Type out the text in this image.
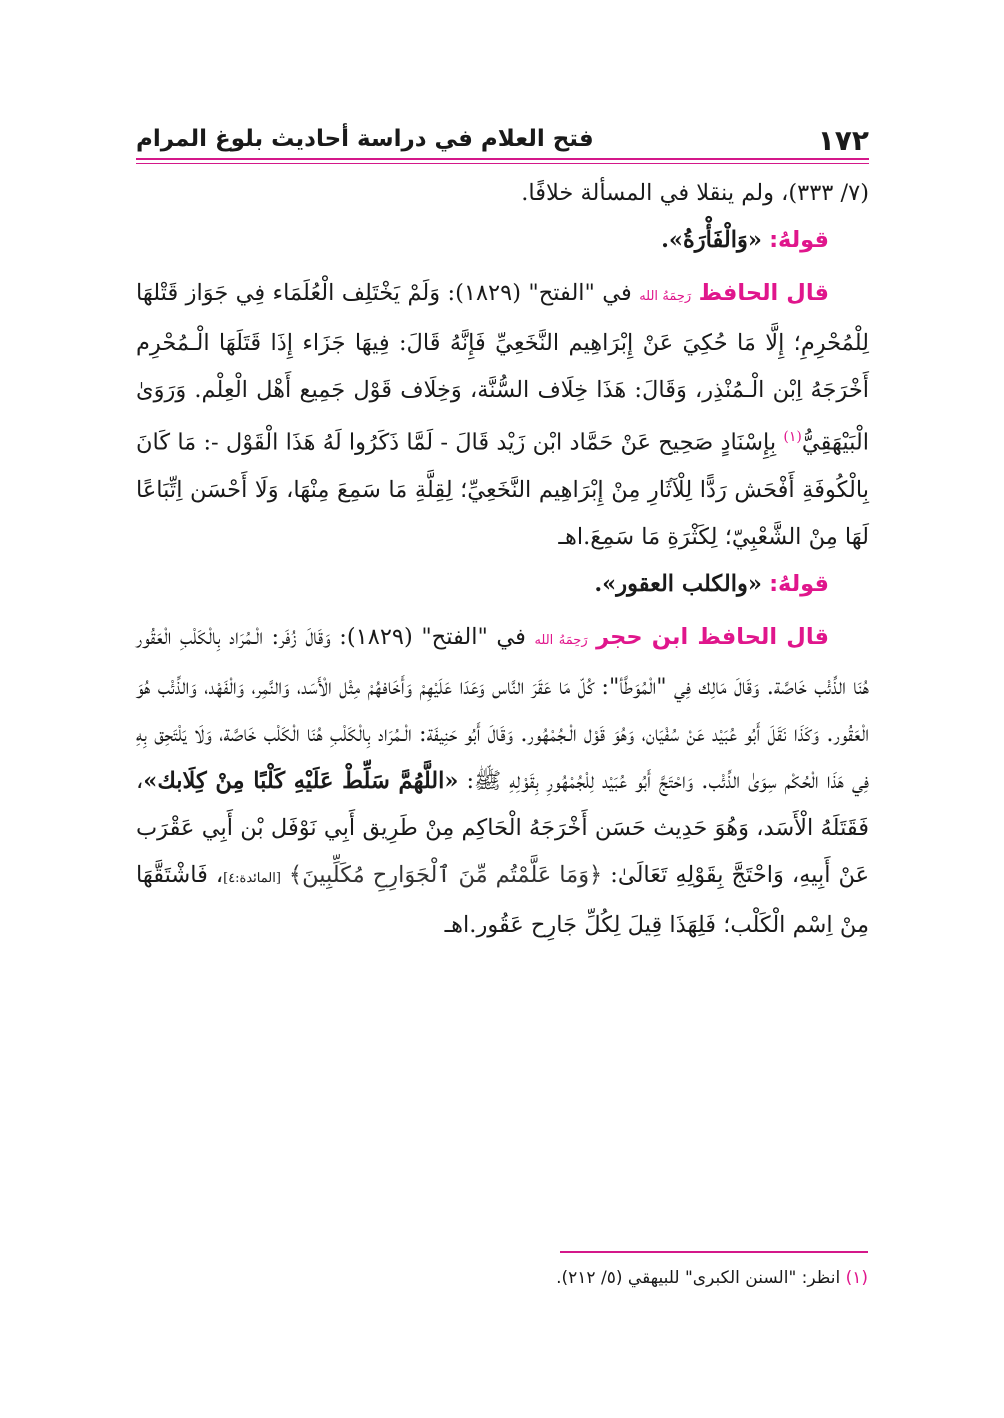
١٧٢
فتح العلام في دراسة أحاديث بلوغ المرام

(٧/ ٣٣٣)، ولم ينقلا في المسألة خلافًا.

قولهُ: «وَالْفَأْرَةُ».

قال الحافظ رَحِمَهُ الله في "الفتح" (١٨٢٩): وَلَمْ يَخْتَلِف الْعُلَمَاء فِي جَوَاز قَتْلهَا لِلْمُحْرِمِ؛ إِلَّا مَا حُكِيَ عَنْ إِبْرَاهِيم النَّخَعِيِّ فَإِنَّهُ قَالَ: فِيهَا جَزَاء إِذَا قَتَلَهَا الْـمُحْرِم أَخْرَجَهُ اِبْن الْـمُنْذِر، وَقَالَ: هَذَا خِلَاف السُّنَّة، وَخِلَاف قَوْل جَمِيع أَهْل الْعِلْم. وَرَوَىٰ الْبَيْهَقِيُّ$^{(١)}$ بِإِسْنَادٍ صَحِيح عَنْ حَمَّاد ابْن زَيْد قَالَ - لَمَّا ذَكَرُوا لَهُ هَذَا الْقَوْل -: مَا كَانَ بِالْكُوفَةِ أَفْحَش رَدًّا لِلْآثَارِ مِنْ إِبْرَاهِيم النَّخَعِيِّ؛ لِقِلَّةِ مَا سَمِعَ مِنْهَا، وَلَا أَحْسَن اِتِّبَاعًا لَهَا مِنْ الشَّعْبِيّ؛ لِكَثْرَةِ مَا سَمِعَ.اهـ

قولهُ: «والكلب العقور».

قال الحافظ ابن حجر رَحِمَهُ الله في "الفتح" (١٨٢٩): وَقَالَ زُفَر: الْـمُرَاد بِالْكَلْبِ الْعَقُور هُنَا الذِّئْب خَاصَّة. وَقَالَ مَالِك فِي "الْمُوَطَّأ": كُلّ مَا عَقَرَ النَّاس وَعَدَا عَلَيْهِمْ وَأَخَافهُمْ مِثْل الْأَسَد، وَالنَّمِر، وَالْفَهْد، وَالذِّئْب هُوَ الْعَقُور. وَكَذَا نَقَلَ أَبُو عُبَيْد عَنْ سُفْيَان، وَهُوَ قَوْل الْـجُمْهُور. وَقَالَ أَبُو حَنِيفَة: الْـمُرَاد بِالْكَلْبِ هُنَا الْكَلْب خَاصَّة، وَلَا يَلْتَحِق بِهِ فِي هَذَا الْحُكْم سِوَىٰ الذِّئْب. وَاحْتَجَّ أَبُو عُبَيْد لِلْجُمْهُورِ بِقَوْلِهِ ﷺ: «اللَّهُمَّ سَلِّطْ عَلَيْهِ كَلْبًا مِنْ كِلَابك»، فَقَتَلَهُ الْأَسَد، وَهُوَ حَدِيث حَسَن أَخْرَجَهُ الْحَاكِم مِنْ طَرِيق أَبِي نَوْفَل بْن أَبِي عَقْرَب عَنْ أَبِيهِ، وَاحْتَجَّ بِقَوْلِهِ تَعَالَىٰ: ﴿وَمَا عَلَّمْتُم مِّنَ ٱلْجَوَارِحِ مُكَلِّبِينَ﴾ [المائدة:٤]، فَاشْتَقَّهَا مِنْ اِسْم الْكَلْب؛ فَلِهَذَا قِيلَ لِكُلِّ جَارِح عَقُور.اهـ

(١) انظر: "السنن الكبرى" للبيهقي (٥/ ٢١٢).
